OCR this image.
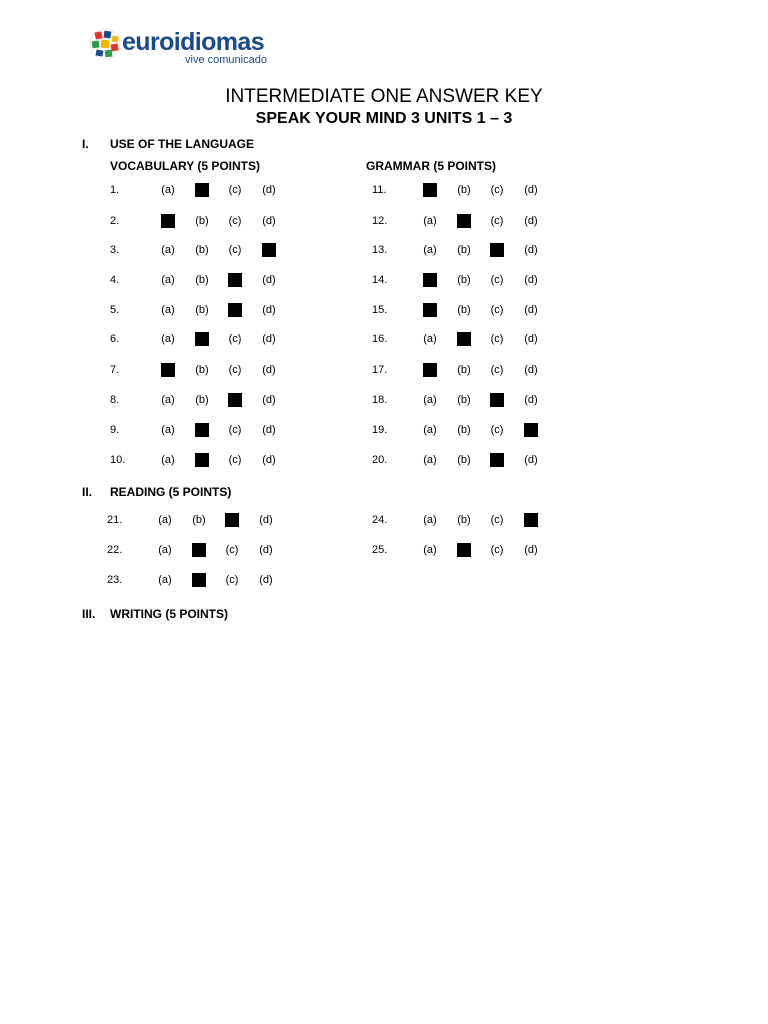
euroidiomas
vive comunicado
INTERMEDIATE ONE ANSWER KEY
SPEAK YOUR MIND 3 UNITS 1 – 3
I. USE OF THE LANGUAGE
VOCABULARY (5 POINTS)	GRAMMAR (5 POINTS)
1.	(a)	(c) (d)
2.	(b) (c) (d)
3.	(a) (b) (c)
4.	(a) (b)	(d)
5.	(a) (b)	(d)
6.	(a)	(c) (d)
7.	(b) (c) (d)
8.	(a) (b)	(d)
9.	(a)	(c) (d)
10.	(a)	(c) (d)
11.	(b) (c) (d)
12.	(a)	(c) (d)
13.	(a) (b)	(d)
14.	(b) (c) (d)
15.	(b) (c) (d)
16.	(a)	(c) (d)
17.	(b) (c) (d)
18.	(a) (b)	(d)
19.	(a) (b) (c)
20.	(a) (b)	(d)
II. READING (5 POINTS)
21.	(a) (b)	(d)
22.	(a)	(c) (d)
23.	(a)	(c) (d)
24.	(a) (b) (c)
25.	(a)	(c) (d)
III. WRITING (5 POINTS)
